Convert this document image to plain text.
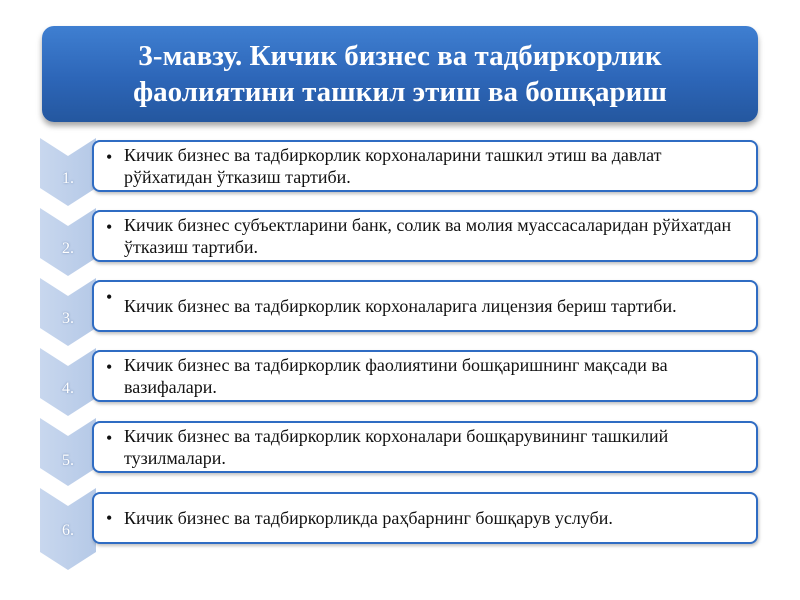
3-мавзу. Кичик бизнес ва тадбиркорлик
фаолиятини ташкил этиш ва бошқариш
1.
• Кичик бизнес ва тадбиркорлик корхоналарини ташкил этиш ва давлат рўйхатидан ўтказиш тартиби.
2.
• Кичик бизнес субъектларини банк, солик ва молия муассасаларидан рўйхатдан ўтказиш тартиби.
3.
• Кичик бизнес ва тадбиркорлик корхоналарига лицензия бериш тартиби.
4.
• Кичик бизнес ва тадбиркорлик фаолиятини бошқаришнинг мақсади ва вазифалари.
5.
• Кичик бизнес ва тадбиркорлик корхоналари бошқарувининг ташкилий тузилмалари.
6.
• Кичик бизнес ва тадбиркорликда раҳбарнинг бошқарув услуби.
